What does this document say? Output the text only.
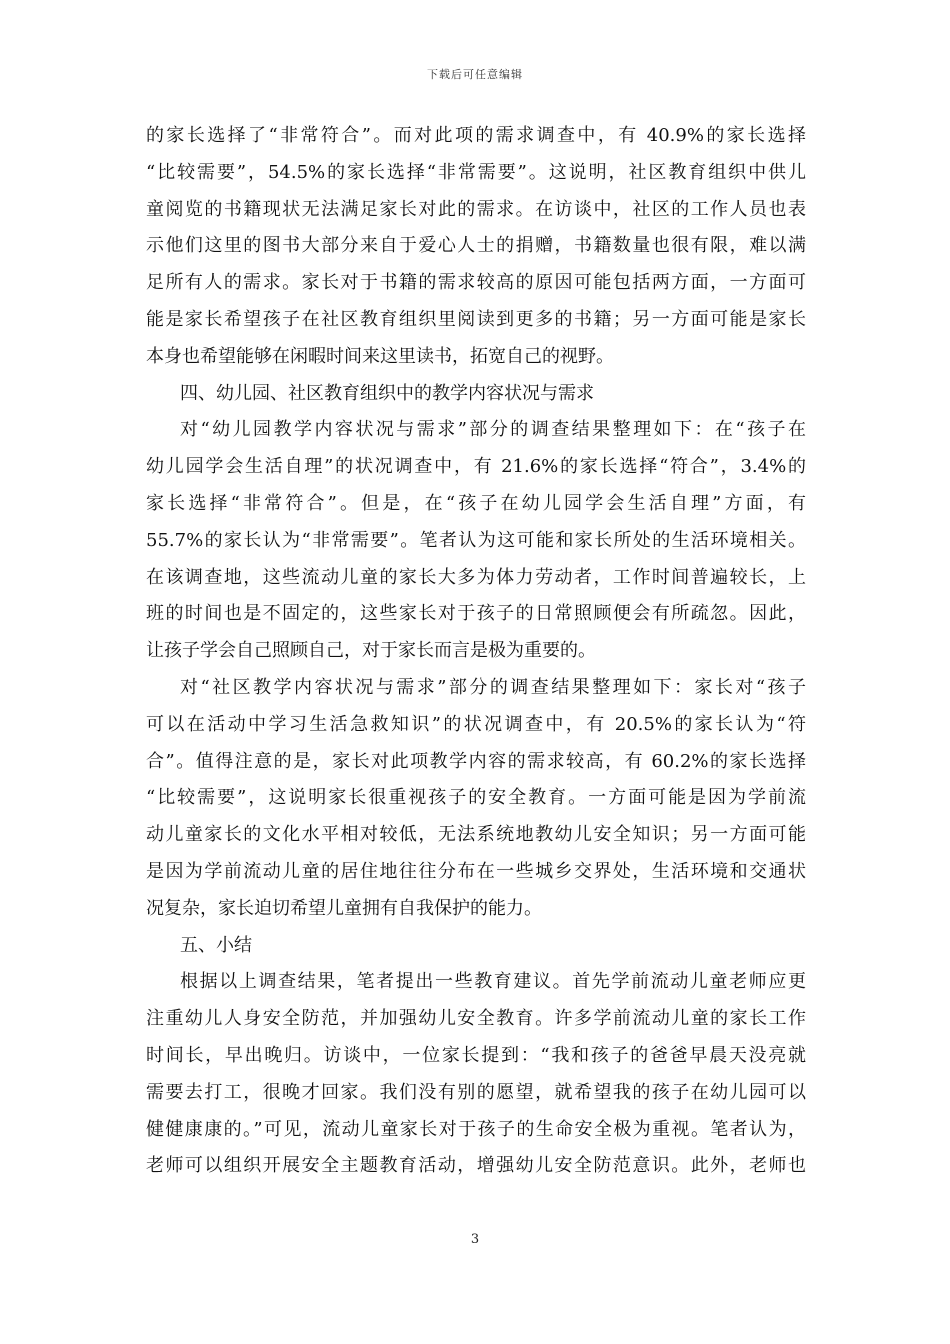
下载后可任意编辑
的家长选择了“非常符合”。而对此项的需求调查中，有 40.9%的家长选择
“比较需要”，54.5%的家长选择“非常需要”。这说明，社区教育组织中供儿
童阅览的书籍现状无法满足家长对此的需求。在访谈中，社区的工作人员也表
示他们这里的图书大部分来自于爱心人士的捐赠，书籍数量也很有限，难以满
足所有人的需求。家长对于书籍的需求较高的原因可能包括两方面，一方面可
能是家长希望孩子在社区教育组织里阅读到更多的书籍；另一方面可能是家长
本身也希望能够在闲暇时间来这里读书，拓宽自己的视野。
四、幼儿园、社区教育组织中的教学内容状况与需求
对“幼儿园教学内容状况与需求”部分的调查结果整理如下：在“孩子在
幼儿园学会生活自理”的状况调查中，有 21.6%的家长选择“符合”，3.4%的
家长选择“非常符合”。但是，在“孩子在幼儿园学会生活自理”方面，有
55.7%的家长认为“非常需要”。笔者认为这可能和家长所处的生活环境相关。
在该调查地，这些流动儿童的家长大多为体力劳动者，工作时间普遍较长，上
班的时间也是不固定的，这些家长对于孩子的日常照顾便会有所疏忽。因此，
让孩子学会自己照顾自己，对于家长而言是极为重要的。
对“社区教学内容状况与需求”部分的调查结果整理如下：家长对“孩子
可以在活动中学习生活急救知识”的状况调查中，有 20.5%的家长认为“符
合”。值得注意的是，家长对此项教学内容的需求较高，有 60.2%的家长选择
“比较需要”，这说明家长很重视孩子的安全教育。一方面可能是因为学前流
动儿童家长的文化水平相对较低，无法系统地教幼儿安全知识；另一方面可能
是因为学前流动儿童的居住地往往分布在一些城乡交界处，生活环境和交通状
况复杂，家长迫切希望儿童拥有自我保护的能力。
五、小结
根据以上调查结果，笔者提出一些教育建议。首先学前流动儿童老师应更
注重幼儿人身安全防范，并加强幼儿安全教育。许多学前流动儿童的家长工作
时间长，早出晚归。访谈中，一位家长提到：“我和孩子的爸爸早晨天没亮就
需要去打工，很晚才回家。我们没有别的愿望，就希望我的孩子在幼儿园可以
健健康康的。”可见，流动儿童家长对于孩子的生命安全极为重视。笔者认为，
老师可以组织开展安全主题教育活动，增强幼儿安全防范意识。此外，老师也
3
